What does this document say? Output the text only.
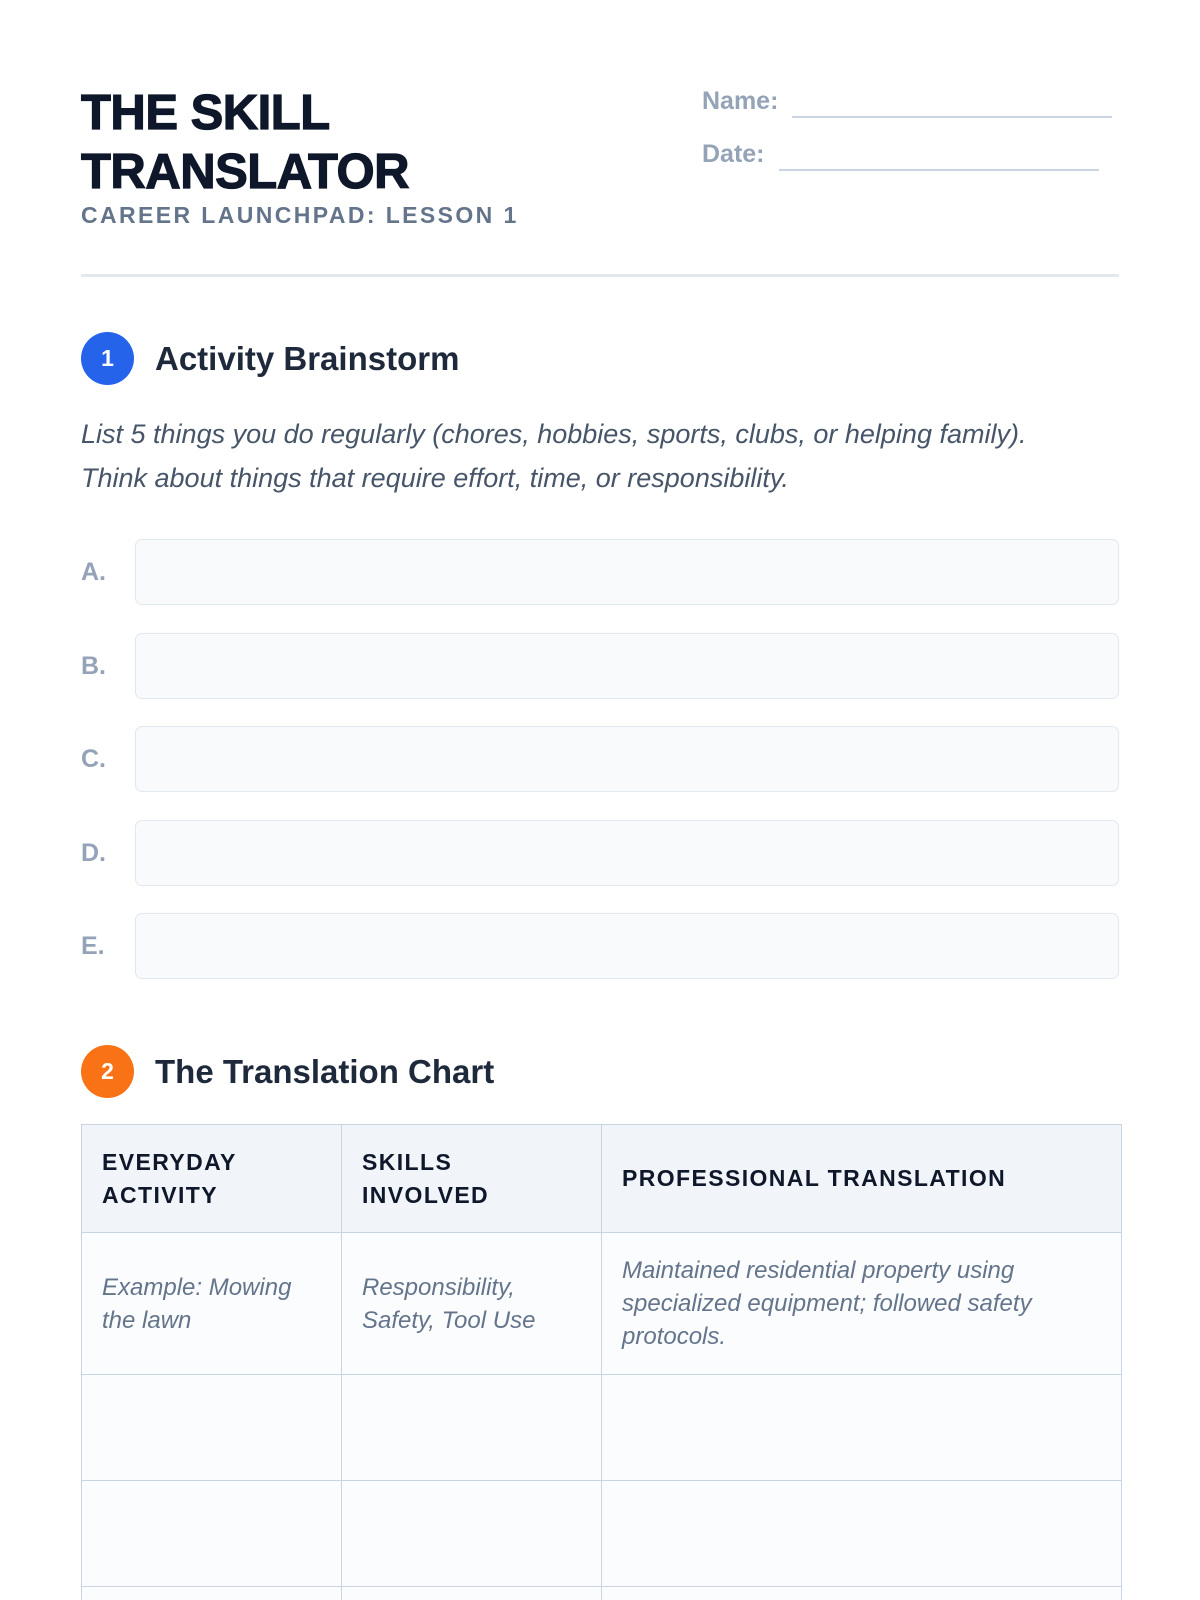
THE SKILL
TRANSLATOR
CAREER LAUNCHPAD: LESSON 1
Name:
Date:
1	Activity Brainstorm
List 5 things you do regularly (chores, hobbies, sports, clubs, or helping family).
Think about things that require effort, time, or responsibility.
A.
B.
C.
D.
E.
2	The Translation Chart
EVERYDAY ACTIVITY	SKILLS INVOLVED	PROFESSIONAL TRANSLATION
Example: Mowing the lawn	Responsibility, Safety, Tool Use	Maintained residential property using specialized equipment; followed safety protocols.
